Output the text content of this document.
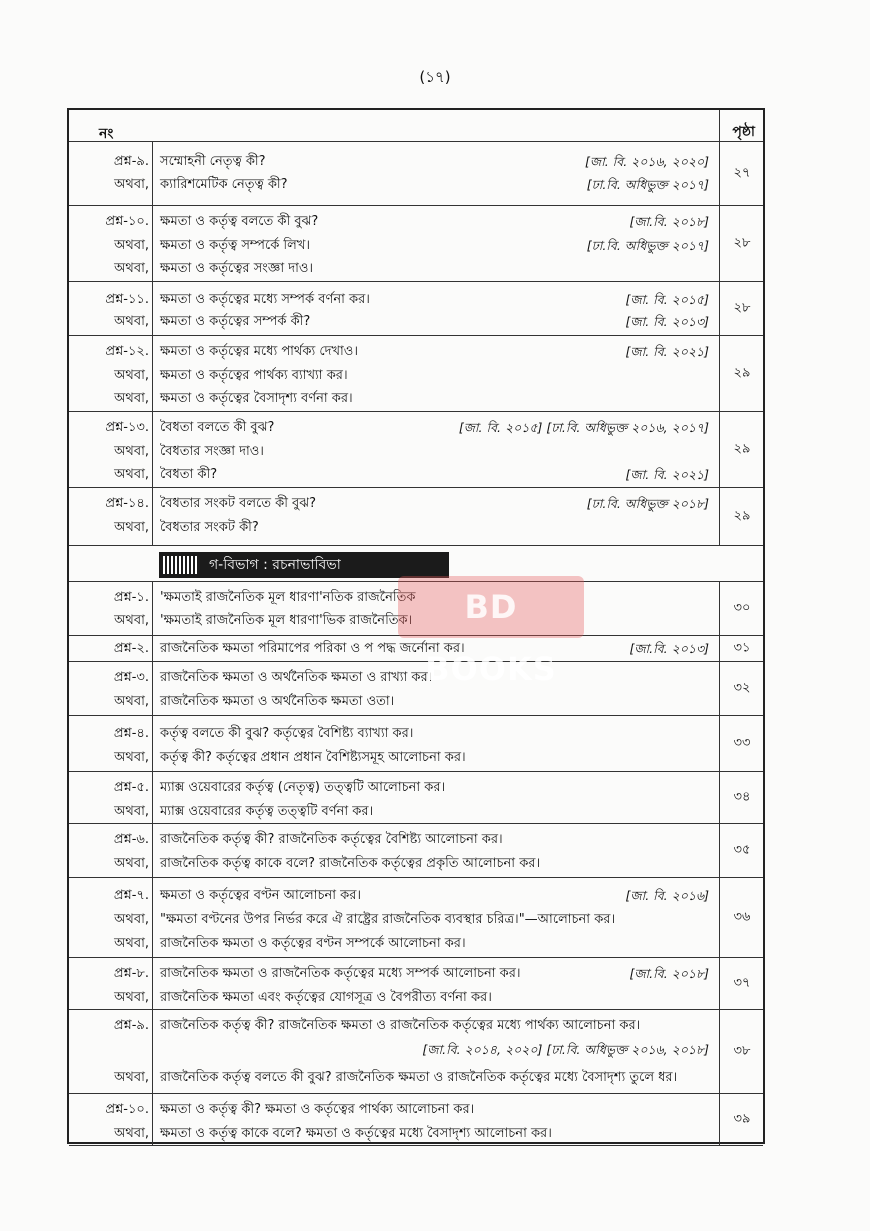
(১৭)
নং	পৃষ্ঠা
প্রশ্ন-৯. সম্মোহনী নেতৃত্ব কী?	[জা. বি. ২০১৬, ২০২০]
অথবা, ক্যারিশমেটিক নেতৃত্ব কী?	[ঢা.বি. অধিভুক্ত ২০১৭]
২৭
প্রশ্ন-১০. ক্ষমতা ও কর্তৃত্ব বলতে কী বুঝ?	[জা.বি. ২০১৮]
অথবা, ক্ষমতা ও কর্তৃত্ব সম্পর্কে লিখ।	[ঢা.বি. অধিভুক্ত ২০১৭]
অথবা, ক্ষমতা ও কর্তৃত্বের সংজ্ঞা দাও।
২৮
প্রশ্ন-১১. ক্ষমতা ও কর্তৃত্বের মধ্যে সম্পর্ক বর্ণনা কর।	[জা. বি. ২০১৫]
অথবা, ক্ষমতা ও কর্তৃত্বের সম্পর্ক কী?	[জা. বি. ২০১৩]
২৮
প্রশ্ন-১২. ক্ষমতা ও কর্তৃত্বের মধ্যে পার্থক্য দেখাও।	[জা. বি. ২০২১]
অথবা, ক্ষমতা ও কর্তৃত্বের পার্থক্য ব্যাখ্যা কর।
অথবা, ক্ষমতা ও কর্তৃত্বের বৈসাদৃশ্য বর্ণনা কর।
২৯
প্রশ্ন-১৩. বৈধতা বলতে কী বুঝ?	[জা. বি. ২০১৫] [ঢা.বি. অধিভুক্ত ২০১৬, ২০১৭]
অথবা, বৈধতার সংজ্ঞা দাও।
অথবা, বৈধতা কী?	[জা. বি. ২০২১]
২৯
প্রশ্ন-১৪. বৈধতার সংকট বলতে কী বুঝ?	[ঢা.বি. অধিভুক্ত ২০১৮]
অথবা, বৈধতার সংকট কী?
২৯
গ-বিভাগ : রচনাভাবিভা
প্রশ্ন-১. 'ক্ষমতাই রাজনৈতিক মূল ধারণা'নতিক রাজনৈতিক
অথবা, 'ক্ষমতাই রাজনৈতিক মূল ধারণা'ভিক রাজনৈতিক।
৩০
প্রশ্ন-২. রাজনৈতিক ক্ষমতা পরিমাপের পরিকা ও প পদ্ধ জর্নোনা কর।	[জা.বি. ২০১৩]	৩১
প্রশ্ন-৩. রাজনৈতিক ক্ষমতা ও অর্থনৈতিক ক্ষমতা ও রাখ্যা কর।
অথবা, রাজনৈতিক ক্ষমতা ও অর্থনৈতিক ক্ষমতা ওতা।
৩২
প্রশ্ন-৪. কর্তৃত্ব বলতে কী বুঝ? কর্তৃত্বের বৈশিষ্ট্য ব্যাখ্যা কর।
অথবা, কর্তৃত্ব কী? কর্তৃত্বের প্রধান প্রধান বৈশিষ্ট্যসমূহ আলোচনা কর।
৩৩
প্রশ্ন-৫. ম্যাক্স ওয়েবারের কর্তৃত্ব (নেতৃত্ব) তত্ত্বটি আলোচনা কর।
অথবা, ম্যাক্স ওয়েবারের কর্তৃত্ব তত্ত্বটি বর্ণনা কর।
৩৪
প্রশ্ন-৬. রাজনৈতিক কর্তৃত্ব কী? রাজনৈতিক কর্তৃত্বের বৈশিষ্ট্য আলোচনা কর।
অথবা, রাজনৈতিক কর্তৃত্ব কাকে বলে? রাজনৈতিক কর্তৃত্বের প্রকৃতি আলোচনা কর।
৩৫
প্রশ্ন-৭. ক্ষমতা ও কর্তৃত্বের বণ্টন আলোচনা কর।	[জা. বি. ২০১৬]
অথবা, "ক্ষমতা বণ্টনের উপর নির্ভর করে ঐ রাষ্ট্রের রাজনৈতিক ব্যবস্থার চরিত্র।"—আলোচনা কর।
অথবা, রাজনৈতিক ক্ষমতা ও কর্তৃত্বের বণ্টন সম্পর্কে আলোচনা কর।
৩৬
প্রশ্ন-৮. রাজনৈতিক ক্ষমতা ও রাজনৈতিক কর্তৃত্বের মধ্যে সম্পর্ক আলোচনা কর।	[জা.বি. ২০১৮]
অথবা, রাজনৈতিক ক্ষমতা এবং কর্তৃত্বের যোগসূত্র ও বৈপরীত্য বর্ণনা কর।
৩৭
প্রশ্ন-৯. রাজনৈতিক কর্তৃত্ব কী? রাজনৈতিক ক্ষমতা ও রাজনৈতিক কর্তৃত্বের মধ্যে পার্থক্য আলোচনা কর।
[জা.বি. ২০১৪, ২০২০] [ঢা.বি. অধিভুক্ত ২০১৬, ২০১৮]
অথবা, রাজনৈতিক কর্তৃত্ব বলতে কী বুঝ? রাজনৈতিক ক্ষমতা ও রাজনৈতিক কর্তৃত্বের মধ্যে বৈসাদৃশ্য তুলে ধর।
৩৮
প্রশ্ন-১০. ক্ষমতা ও কর্তৃত্ব কী? ক্ষমতা ও কর্তৃত্বের পার্থক্য আলোচনা কর।
অথবা, ক্ষমতা ও কর্তৃত্ব কাকে বলে? ক্ষমতা ও কর্তৃত্বের মধ্যে বৈসাদৃশ্য আলোচনা কর।
৩৯
BD BOOKS
